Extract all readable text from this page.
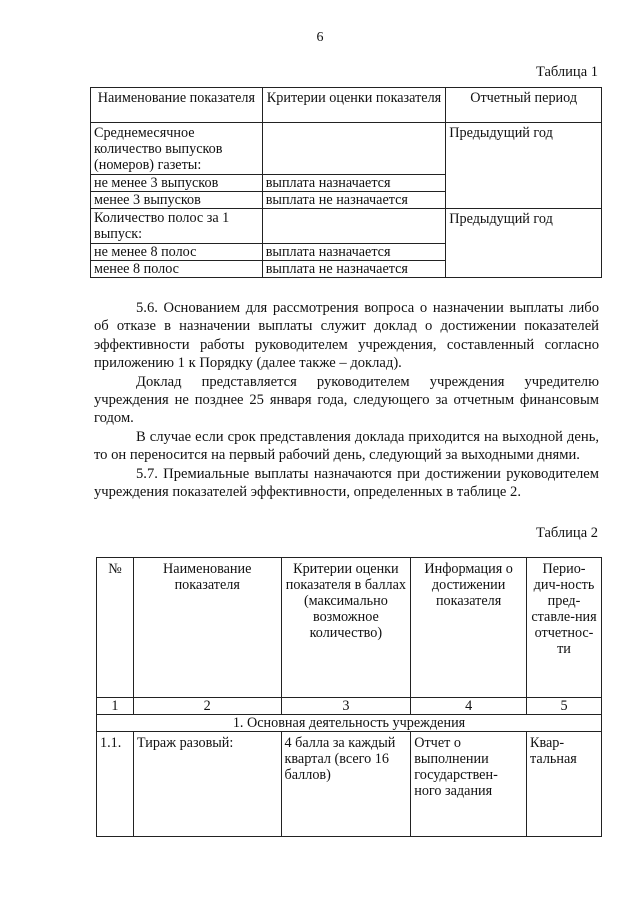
6
Таблица 1
Наименование показателя	Критерии оценки показателя	Отчетный период
Среднемесячное количество выпусков (номеров) газеты:		Предыдущий год
не менее 3 выпусков	выплата назначается	
менее 3 выпусков	выплата не назначается	
Количество полос за 1 выпуск:		Предыдущий год
не менее 8 полос	выплата назначается	
менее 8 полос	выплата не назначается	

5.6. Основанием для рассмотрения вопроса о назначении выплаты либо об отказе в назначении выплаты служит доклад о достижении показателей эффективности работы руководителем учреждения, составленный согласно приложению 1 к Порядку (далее также – доклад).

Доклад представляется руководителем учреждения учредителю учреждения не позднее 25 января года, следующего за отчетным финансовым годом.

В случае если срок представления доклада приходится на выходной день, то он переносится на первый рабочий день, следующий за выходными днями.

5.7. Премиальные выплаты назначаются при достижении руководителем учреждения показателей эффективности, определенных в таблице 2.

Таблица 2
№	Наименование показателя	Критерии оценки показателя в баллах (максимально возможное количество)	Информация о достижении показателя	Перио-дич-ность пред-ставле-ния отчетнос-ти
1	2	3	4	5
1. Основная деятельность учреждения				
1.1.	Тираж разовый:	4 балла за каждый квартал (всего 16 баллов)	Отчет о выполнении государствен-ного задания	Квар-тальная
